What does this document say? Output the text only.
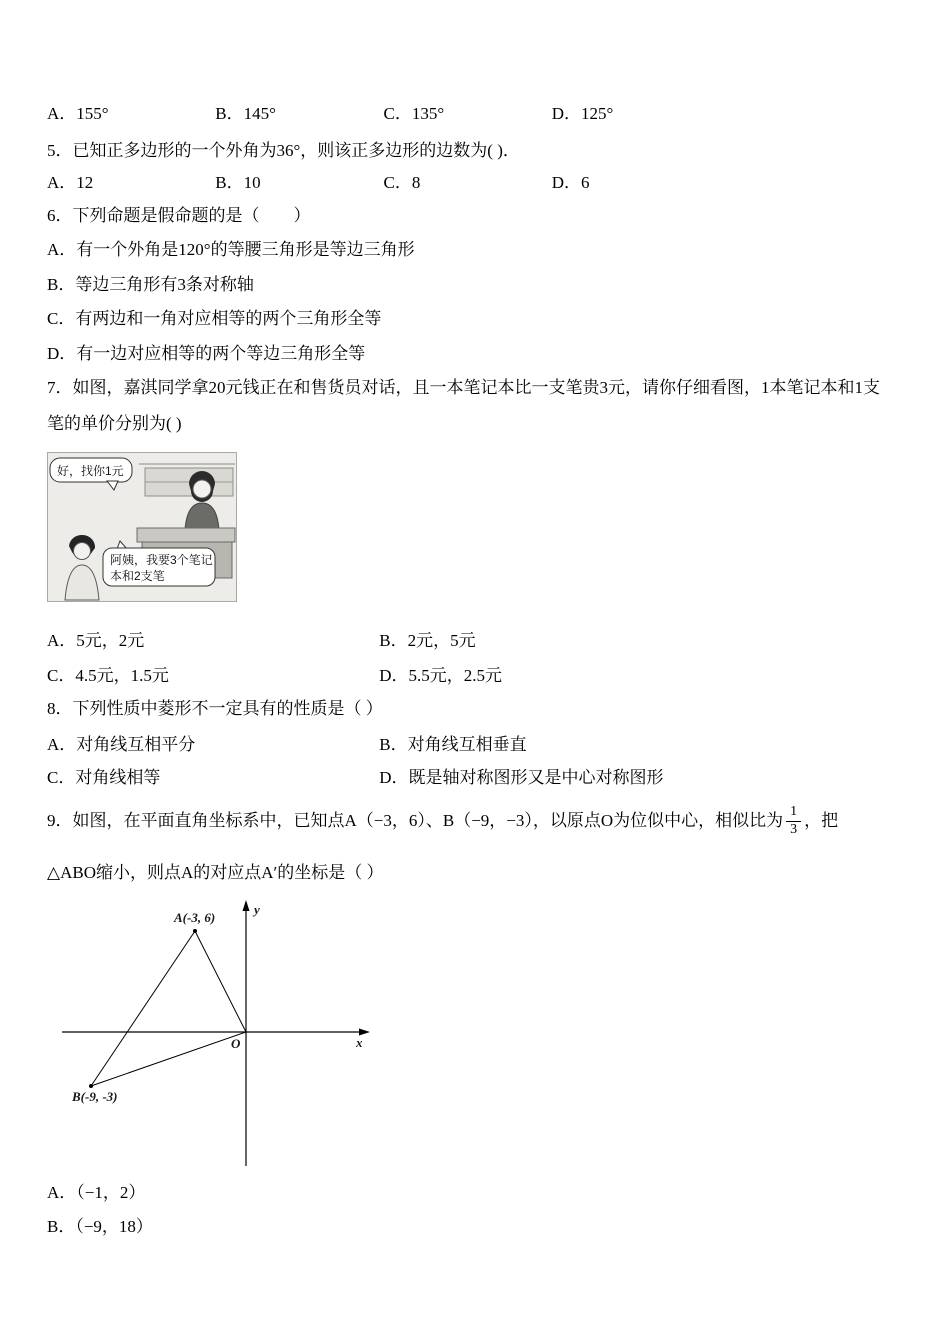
A．155°	B．145°	C．135°	D．125°
5．已知正多边形的一个外角为36°，则该正多边形的边数为( )．
A．12	B．10	C．8	D．6
6．下列命题是假命题的是（　　）
A．有一个外角是120°的等腰三角形是等边三角形
B．等边三角形有3条对称轴
C．有两边和一角对应相等的两个三角形全等
D．有一边对应相等的两个等边三角形全等
7．如图，嘉淇同学拿20元钱正在和售货员对话，且一本笔记本比一支笔贵3元，请你仔细看图，1本笔记本和1支
笔的单价分别为( )
好，找你1元
阿姨，我要3个笔记
本和2支笔
A．5元，2元	B．2元，5元
C．4.5元，1.5元	D．5.5元，2.5元
8．下列性质中菱形不一定具有的性质是（ ）
A．对角线互相平分	B．对角线互相垂直
C．对角线相等	D．既是轴对称图形又是中心对称图形
9．如图，在平面直角坐标系中，已知点A（−3，6）、B（−9，−3），以原点O为位似中心，相似比为 $\frac{1}{3}$ ，把
△ABO缩小，则点A的对应点A′的坐标是（ ）
A(-3, 6)
B(-9, -3)
O
y
x
A．（−1，2）
B．（−9，18）
